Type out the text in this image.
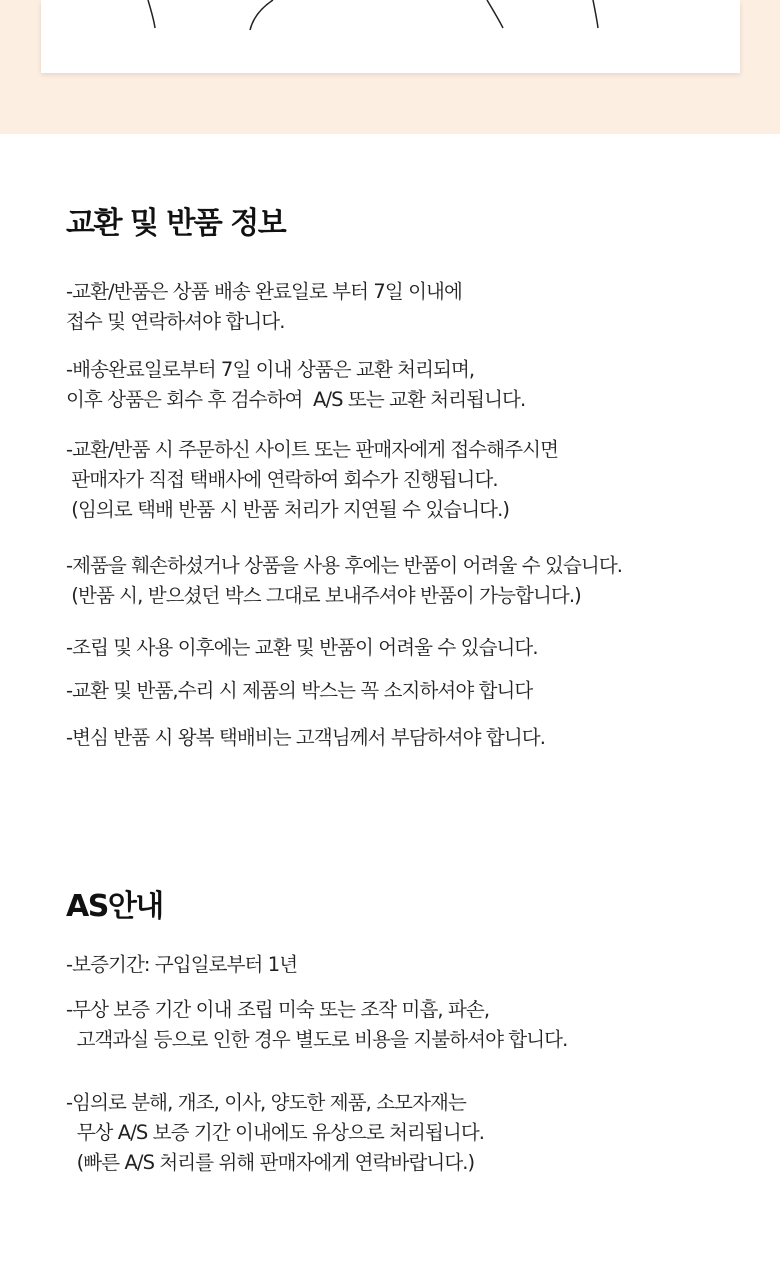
교환 및 반품 정보

-교환/반품은 상품 배송 완료일로 부터 7일 이내에

접수 및 연락하셔야 합니다.

-배송완료일로부터 7일 이내 상품은 교환 처리되며,

이후 상품은 회수 후 검수하여  A/S 또는 교환 처리됩니다.

-교환/반품 시 주문하신 사이트 또는 판매자에게 접수해주시면

판매자가 직접 택배사에 연락하여 회수가 진행됩니다.

(임의로 택배 반품 시 반품 처리가 지연될 수 있습니다.)

-제품을 훼손하셨거나 상품을 사용 후에는 반품이 어려울 수 있습니다.

(반품 시, 받으셨던 박스 그대로 보내주셔야 반품이 가능합니다.)

-조립 및 사용 이후에는 교환 및 반품이 어려울 수 있습니다.

-교환 및 반품,수리 시 제품의 박스는 꼭 소지하셔야 합니다

-변심 반품 시 왕복 택배비는 고객님께서 부담하셔야 합니다.

AS안내

-보증기간: 구입일로부터 1년

-무상 보증 기간 이내 조립 미숙 또는 조작 미흡, 파손,

고객과실 등으로 인한 경우 별도로 비용을 지불하셔야 합니다.

-임의로 분해, 개조, 이사, 양도한 제품, 소모자재는

무상 A/S 보증 기간 이내에도 유상으로 처리됩니다.

(빠른 A/S 처리를 위해 판매자에게 연락바랍니다.)
